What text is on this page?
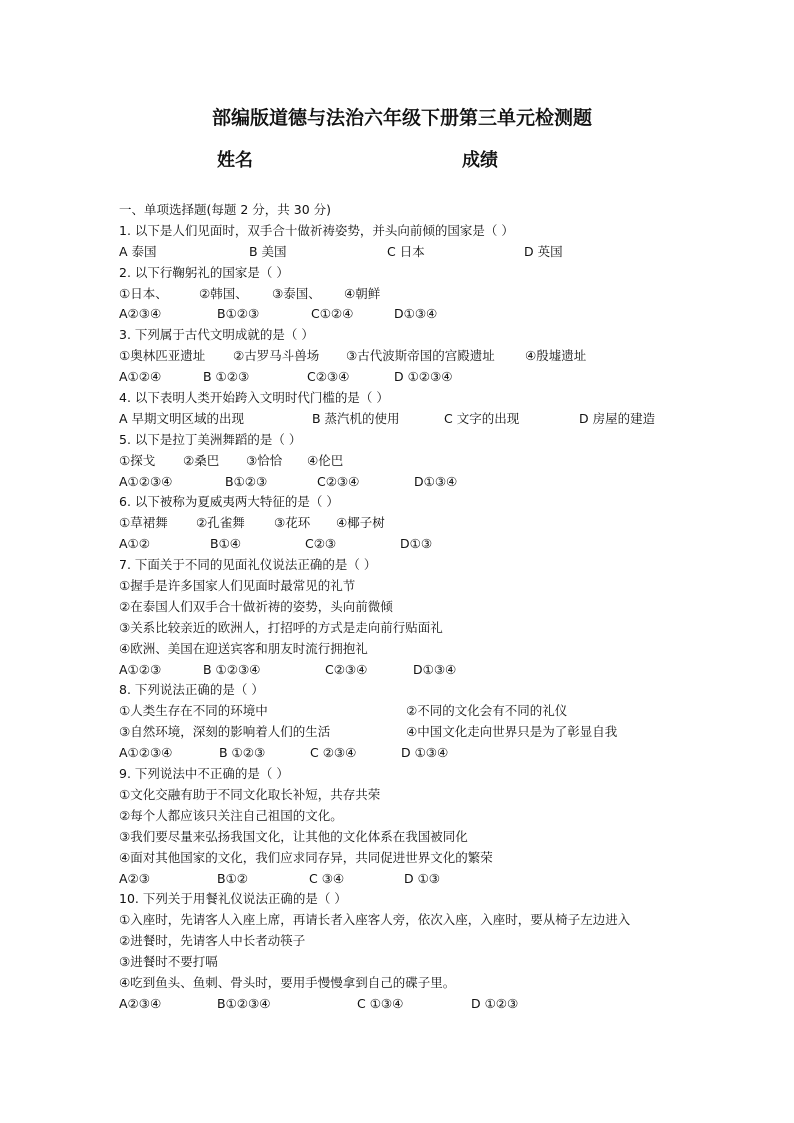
部编版道德与法治六年级下册第三单元检测题
姓名	成绩
一、单项选择题(每题 2 分，共 30 分)
1. 以下是人们见面时，双手合十做祈祷姿势，并头向前倾的国家是（ ）
A 泰国	B 美国	C 日本	D 英国
2. 以下行鞠躬礼的国家是（ ）
①日本、	②韩国、 ③泰国、 ④朝鲜
A②③④	B①②③	C①②④	D①③④
3. 下列属于古代文明成就的是（ ）
①奥林匹亚遗址 ②古罗马斗兽场 ③古代波斯帝国的宫殿遗址 ④殷墟遗址
A①②④	B ①②③	C②③④	D ①②③④
4. 以下表明人类开始跨入文明时代门槛的是（ ）
A 早期文明区域的出现	B 蒸汽机的使用	C 文字的出现	D 房屋的建造
5. 以下是拉丁美洲舞蹈的是（ ）
①探戈 ②桑巴 ③恰恰 ④伦巴
A①②③④	B①②③	C②③④	D①③④
6. 以下被称为夏威夷两大特征的是（ ）
①草裙舞 ②孔雀舞 ③花环 ④椰子树
A①②	B①④	C②③	D①③
7. 下面关于不同的见面礼仪说法正确的是（ ）
①握手是许多国家人们见面时最常见的礼节
②在泰国人们双手合十做祈祷的姿势，头向前微倾
③关系比较亲近的欧洲人，打招呼的方式是走向前行贴面礼
④欧洲、美国在迎送宾客和朋友时流行拥抱礼
A①②③	B ①②③④	C②③④	D①③④
8. 下列说法正确的是（ ）
①人类生存在不同的环境中	②不同的文化会有不同的礼仪
③自然环境，深刻的影响着人们的生活	④中国文化走向世界只是为了彰显自我
A①②③④	B ①②③	C ②③④	D ①③④
9. 下列说法中不正确的是（ ）
①文化交融有助于不同文化取长补短，共存共荣
②每个人都应该只关注自己祖国的文化。
③我们要尽量来弘扬我国文化，让其他的文化体系在我国被同化
④面对其他国家的文化，我们应求同存异，共同促进世界文化的繁荣
A②③	B①②	C ③④	D ①③
10. 下列关于用餐礼仪说法正确的是（ ）
①入座时，先请客人入座上席，再请长者入座客人旁，依次入座，入座时，要从椅子左边进入
②进餐时，先请客人中长者动筷子
③进餐时不要打嗝
④吃到鱼头、鱼刺、骨头时，要用手慢慢拿到自己的碟子里。
A②③④	B①②③④	C ①③④	D ①②③
